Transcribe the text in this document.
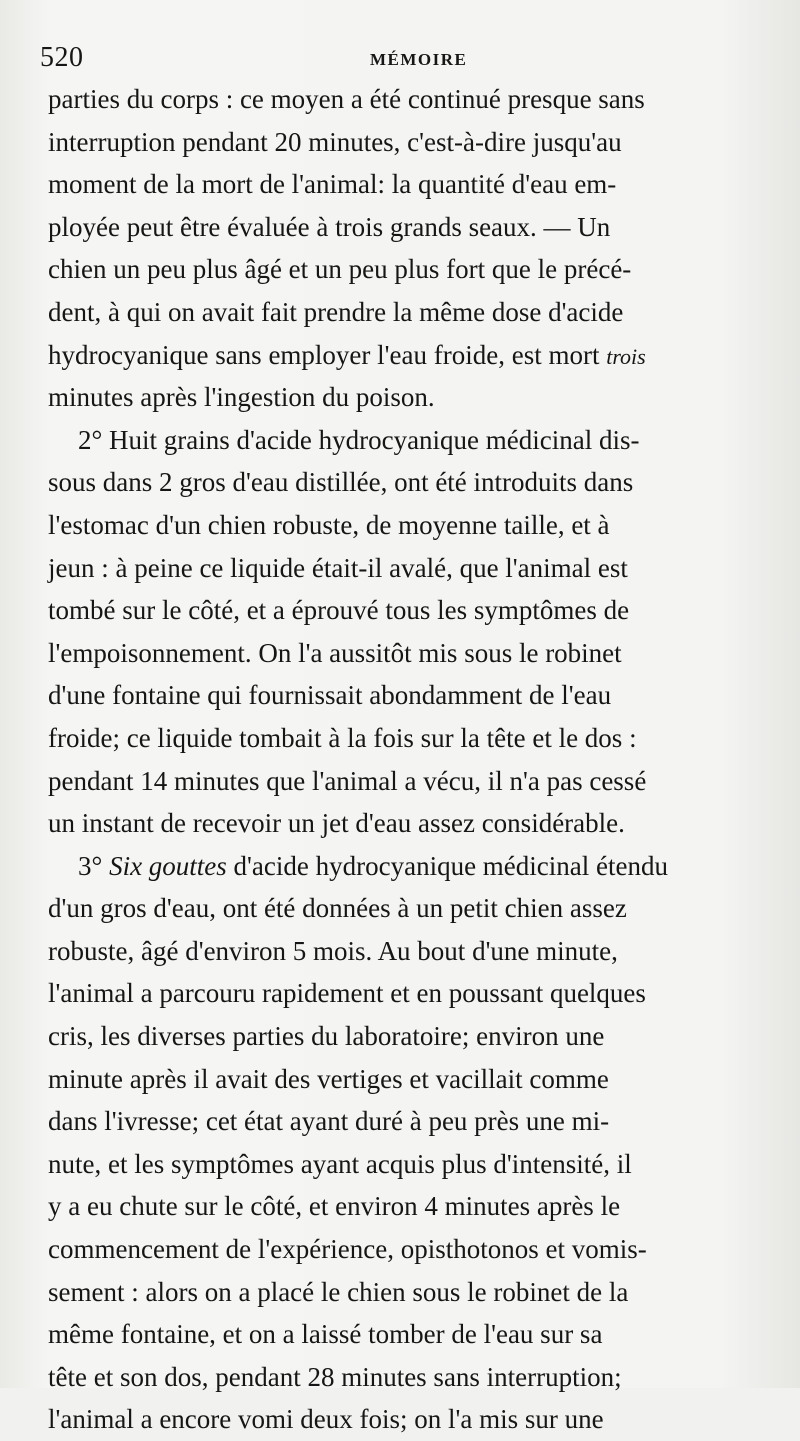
520	MÉMOIRE
parties du corps : ce moyen a été continué presque sans
interruption pendant 20 minutes, c'est-à-dire jusqu'au
moment de la mort de l'animal: la quantité d'eau em-
ployée peut être évaluée à trois grands seaux. — Un
chien un peu plus âgé et un peu plus fort que le précé-
dent, à qui on avait fait prendre la même dose d'acide
hydrocyanique sans employer l'eau froide, est mort trois
minutes après l'ingestion du poison.
2° Huit grains d'acide hydrocyanique médicinal dis-
sous dans 2 gros d'eau distillée, ont été introduits dans
l'estomac d'un chien robuste, de moyenne taille, et à
jeun : à peine ce liquide était-il avalé, que l'animal est
tombé sur le côté, et a éprouvé tous les symptômes de
l'empoisonnement. On l'a aussitôt mis sous le robinet
d'une fontaine qui fournissait abondamment de l'eau
froide; ce liquide tombait à la fois sur la tête et le dos :
pendant 14 minutes que l'animal a vécu, il n'a pas cessé
un instant de recevoir un jet d'eau assez considérable.
3° Six gouttes d'acide hydrocyanique médicinal étendu
d'un gros d'eau, ont été données à un petit chien assez
robuste, âgé d'environ 5 mois. Au bout d'une minute,
l'animal a parcouru rapidement et en poussant quelques
cris, les diverses parties du laboratoire; environ une
minute après il avait des vertiges et vacillait comme
dans l'ivresse; cet état ayant duré à peu près une mi-
nute, et les symptômes ayant acquis plus d'intensité, il
y a eu chute sur le côté, et environ 4 minutes après le
commencement de l'expérience, opisthotonos et vomis-
sement : alors on a placé le chien sous le robinet de la
même fontaine, et on a laissé tomber de l'eau sur sa
tête et son dos, pendant 28 minutes sans interruption;
l'animal a encore vomi deux fois; on l'a mis sur une
